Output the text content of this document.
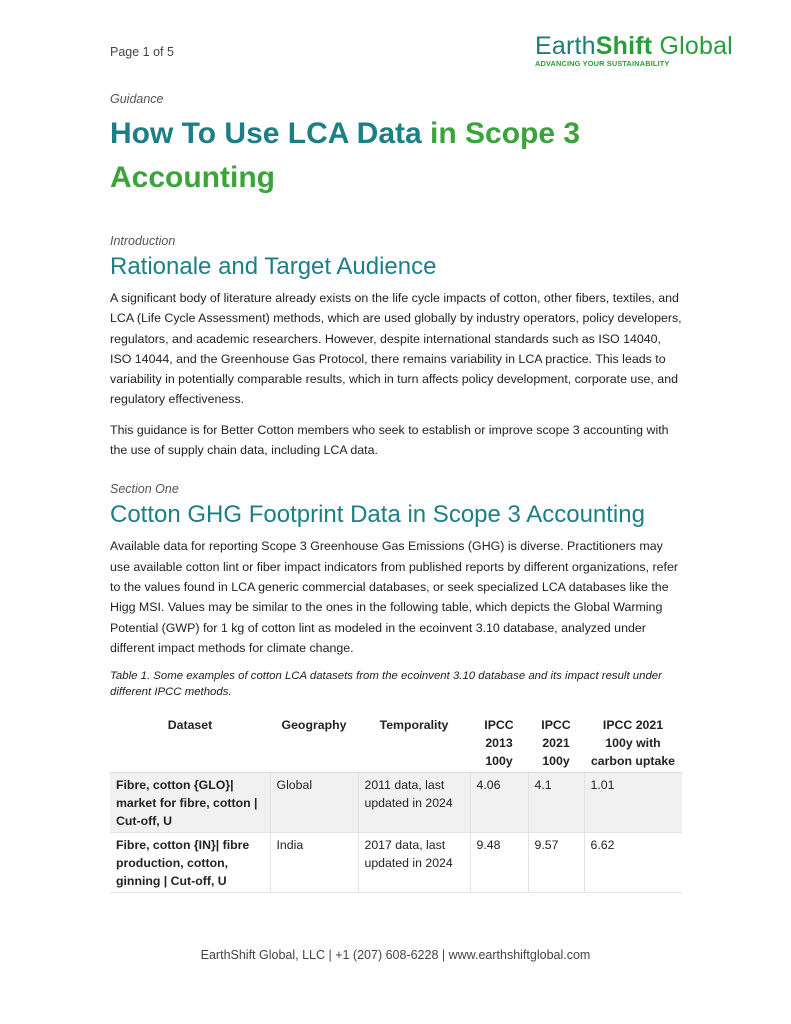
Page 1 of 5	EarthShift Global
ADVANCING YOUR SUSTAINABILITY

Guidance

How To Use LCA Data in Scope 3 Accounting

Introduction

Rationale and Target Audience

A significant body of literature already exists on the life cycle impacts of cotton, other fibers, textiles, and LCA (Life Cycle Assessment) methods, which are used globally by industry operators, policy developers, regulators, and academic researchers. However, despite international standards such as ISO 14040, ISO 14044, and the Greenhouse Gas Protocol, there remains variability in LCA practice. This leads to variability in potentially comparable results, which in turn affects policy development, corporate use, and regulatory effectiveness.

This guidance is for Better Cotton members who seek to establish or improve scope 3 accounting with the use of supply chain data, including LCA data.

Section One

Cotton GHG Footprint Data in Scope 3 Accounting

Available data for reporting Scope 3 Greenhouse Gas Emissions (GHG) is diverse. Practitioners may use available cotton lint or fiber impact indicators from published reports by different organizations, refer to the values found in LCA generic commercial databases, or seek specialized LCA databases like the Higg MSI. Values may be similar to the ones in the following table, which depicts the Global Warming Potential (GWP) for 1 kg of cotton lint as modeled in the ecoinvent 3.10 database, analyzed under different impact methods for climate change.

Table 1. Some examples of cotton LCA datasets from the ecoinvent 3.10 database and its impact result under different IPCC methods.

Dataset	Geography	Temporality	IPCC 2013 100y	IPCC 2021 100y	IPCC 2021 100y with carbon uptake
Fibre, cotton {GLO}| market for fibre, cotton | Cut-off, U	Global	2011 data, last updated in 2024	4.06	4.1	1.01
Fibre, cotton {IN}| fibre production, cotton, ginning | Cut-off, U	India	2017 data, last updated in 2024	9.48	9.57	6.62
EarthShift Global, LLC | +1 (207) 608-6228 | www.earthshiftglobal.com
